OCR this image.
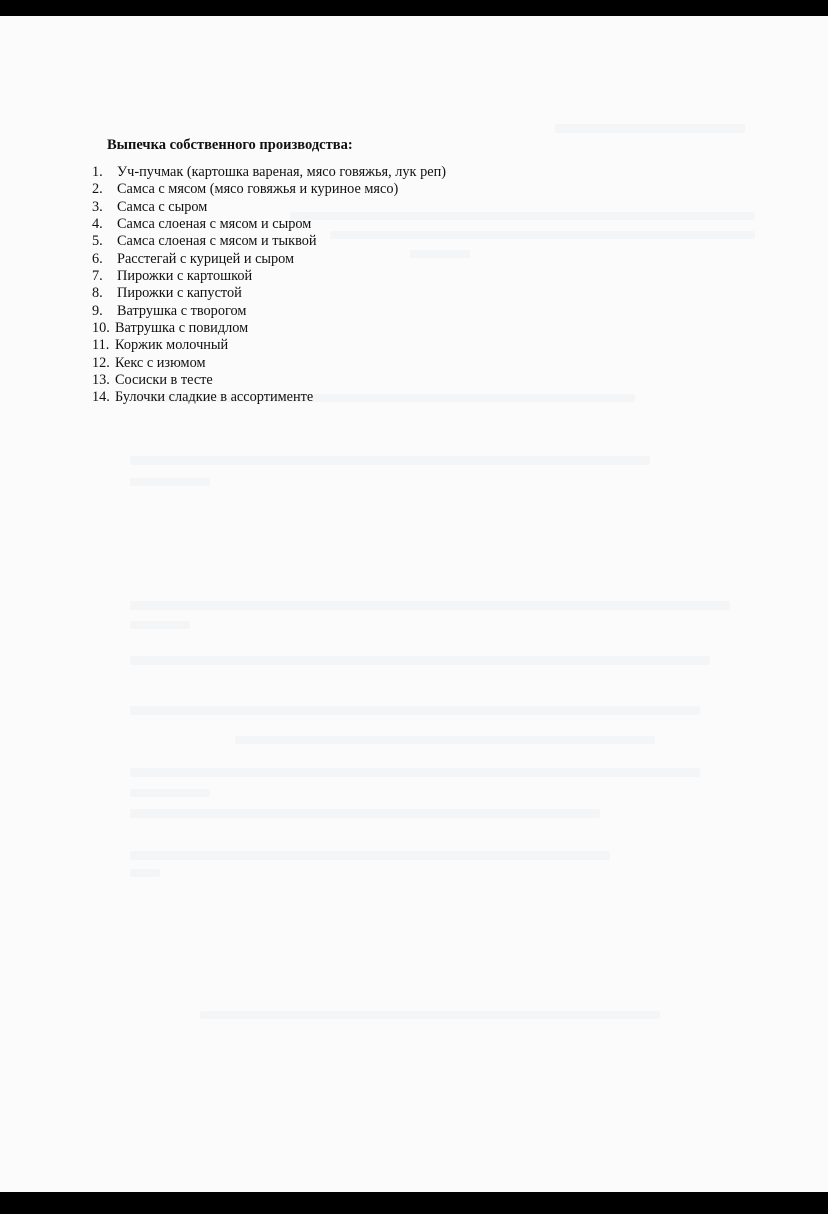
Выпечка собственного производства:
1. Уч-пучмак (картошка вареная, мясо говяжья, лук реп)
2. Самса с мясом (мясо говяжья и куриное мясо)
3. Самса с сыром
4. Самса слоеная с мясом и сыром
5. Самса слоеная с мясом и тыквой
6. Расстегай с курицей и сыром
7. Пирожки с картошкой
8. Пирожки с капустой
9. Ватрушка с творогом
10. Ватрушка с повидлом
11. Коржик молочный
12. Кекс с изюмом
13. Сосиски в тесте
14. Булочки сладкие в ассортименте
